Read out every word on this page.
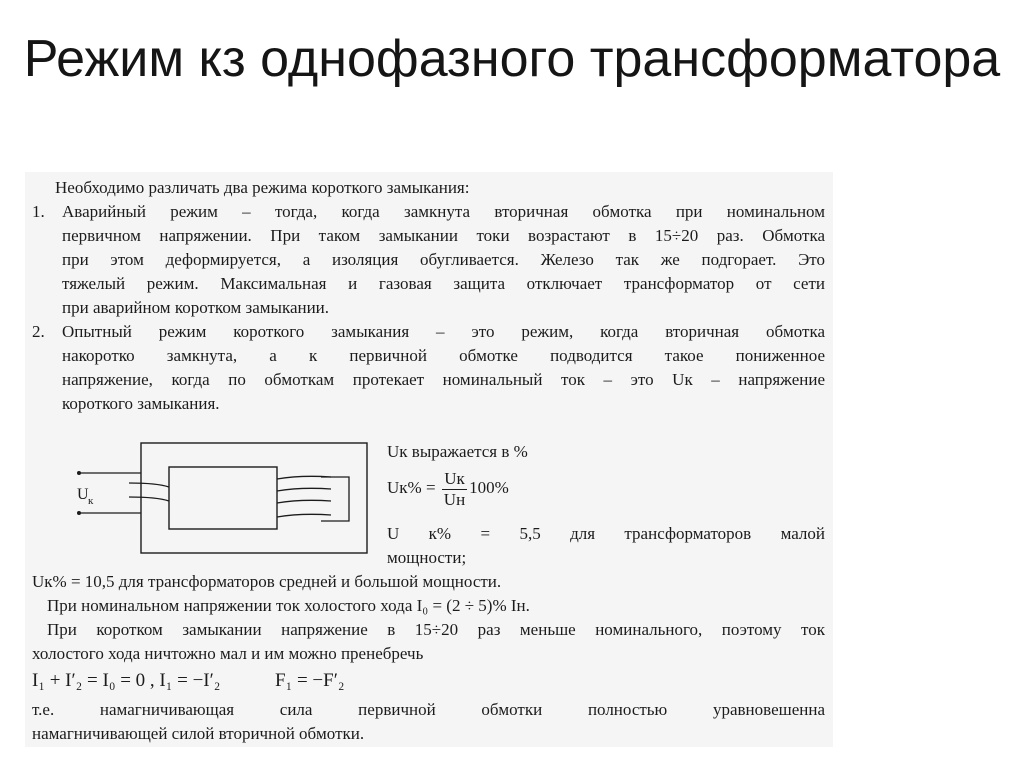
Режим кз однофазного трансформатора
Необходимо различать два режима короткого замыкания:
1. Аварийный режим – тогда, когда замкнута вторичная обмотка при номинальном
первичном напряжении. При таком замыкании токи возрастают в 15÷20 раз. Обмотка
при этом деформируется, а изоляция обугливается. Железо так же подгорает. Это
тяжелый режим. Максимальная и газовая защита отключает трансформатор от сети
при аварийном коротком замыкании.
2. Опытный режим короткого замыкания – это режим, когда вторичная обмотка
накоротко замкнута, а к первичной обмотке подводится такое пониженное
напряжение, когда по обмоткам протекает номинальный ток – это Uк – напряжение
короткого замыкания.
U к
Uк выражается в %
$Uк\% = \frac{Uк}{Uн} 100\%$
U к% = 5,5 для трансформаторов малой
мощности;
Uк% = 10,5 для трансформаторов средней и большой мощности.
При номинальном напряжении ток холостого хода I₀ = (2 ÷ 5)% Iн.
При коротком замыкании напряжение в 15÷20 раз меньше номинального, поэтому ток
холостого хода ничтожно мал и им можно пренебречь
I₁ + I′₂ = I₀ = 0 , I₁ = −I′₂	F₁ = −F′₂
т.е. намагничивающая сила первичной обмотки полностью уравновешенна
намагничивающей силой вторичной обмотки.
